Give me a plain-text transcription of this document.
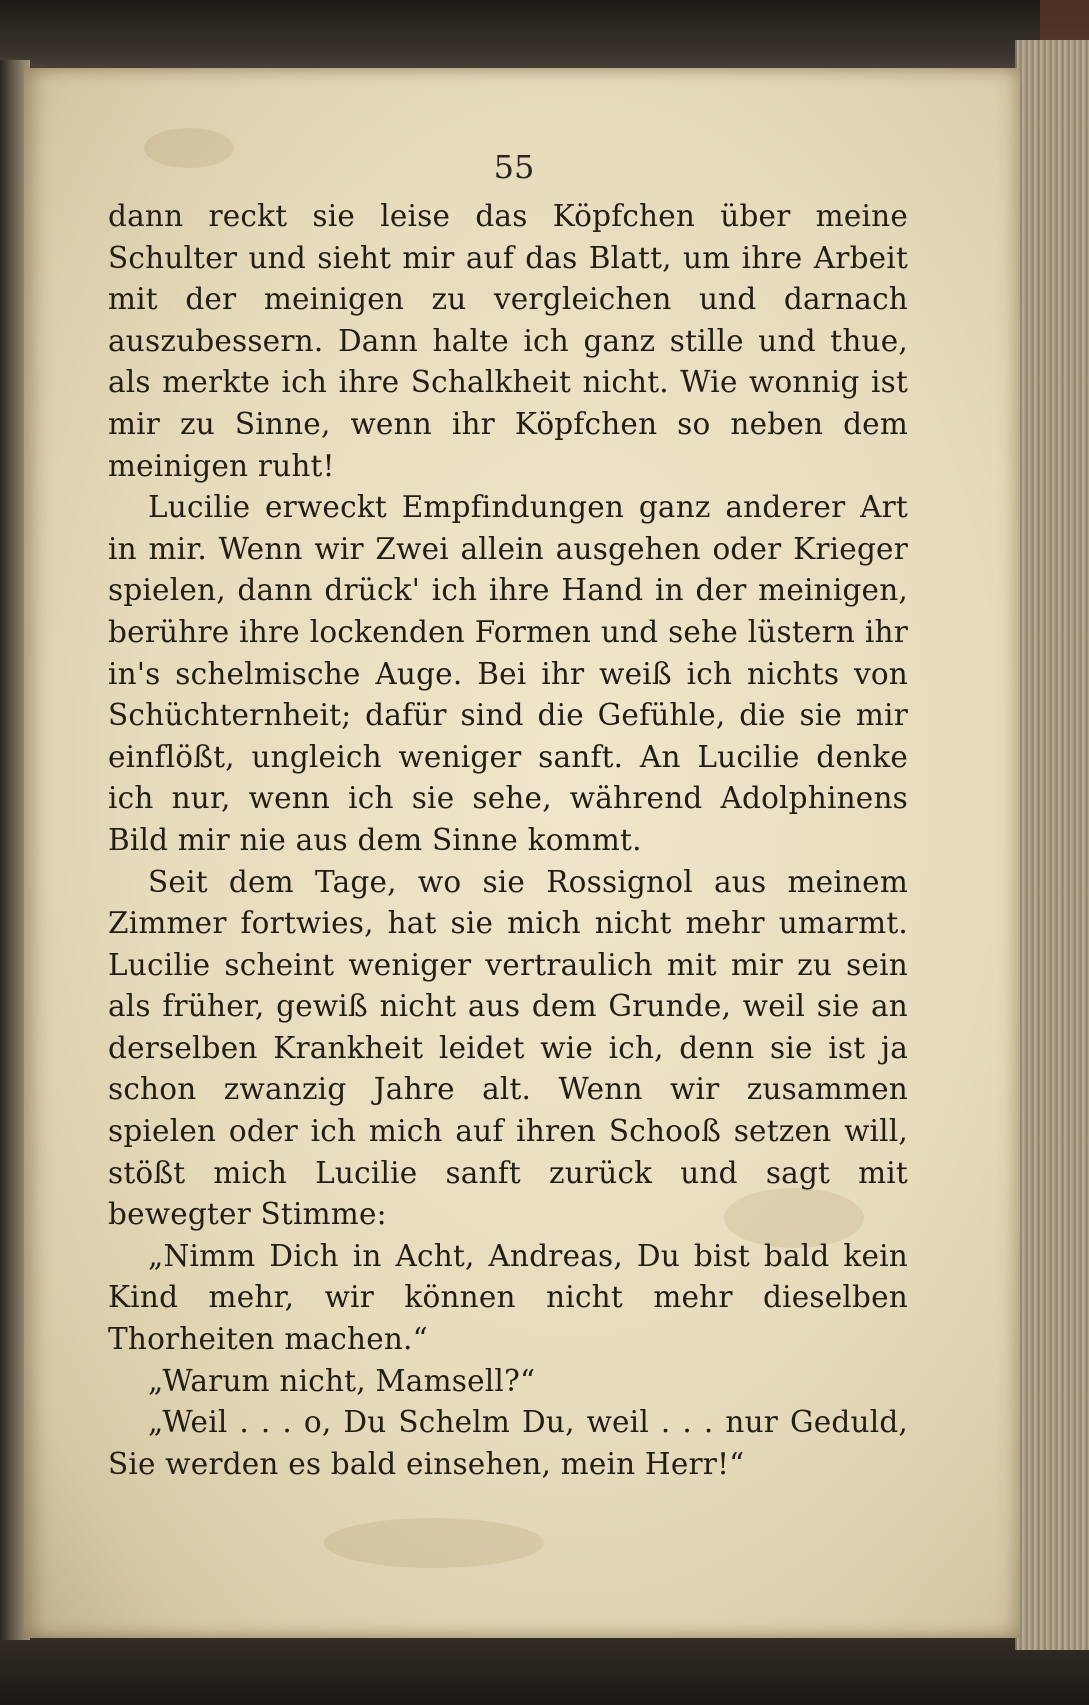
55

dann reckt sie leise das Köpfchen über meine Schulter und sieht mir auf das Blatt, um ihre Arbeit mit der meinigen zu vergleichen und darnach auszubessern. Dann halte ich ganz stille und thue, als merkte ich ihre Schalkheit nicht. Wie wonnig ist mir zu Sinne, wenn ihr Köpfchen so neben dem meinigen ruht!

Lucilie erweckt Empfindungen ganz anderer Art in mir. Wenn wir Zwei allein ausgehen oder Krieger spielen, dann drück' ich ihre Hand in der meinigen, berühre ihre lockenden Formen und sehe lüstern ihr in's schelmische Auge. Bei ihr weiß ich nichts von Schüchternheit; dafür sind die Gefühle, die sie mir einflößt, ungleich weniger sanft. An Lucilie denke ich nur, wenn ich sie sehe, während Adolphinens Bild mir nie aus dem Sinne kommt.

Seit dem Tage, wo sie Rossignol aus meinem Zimmer fortwies, hat sie mich nicht mehr umarmt. Lucilie scheint weniger vertraulich mit mir zu sein als früher, gewiß nicht aus dem Grunde, weil sie an derselben Krankheit leidet wie ich, denn sie ist ja schon zwanzig Jahre alt. Wenn wir zusammen spielen oder ich mich auf ihren Schooß setzen will, stößt mich Lucilie sanft zurück und sagt mit bewegter Stimme:

„Nimm Dich in Acht, Andreas, Du bist bald kein Kind mehr, wir können nicht mehr dieselben Thorheiten machen.“

„Warum nicht, Mamsell?“

„Weil . . . o, Du Schelm Du, weil . . . nur Geduld, Sie werden es bald einsehen, mein Herr!“
